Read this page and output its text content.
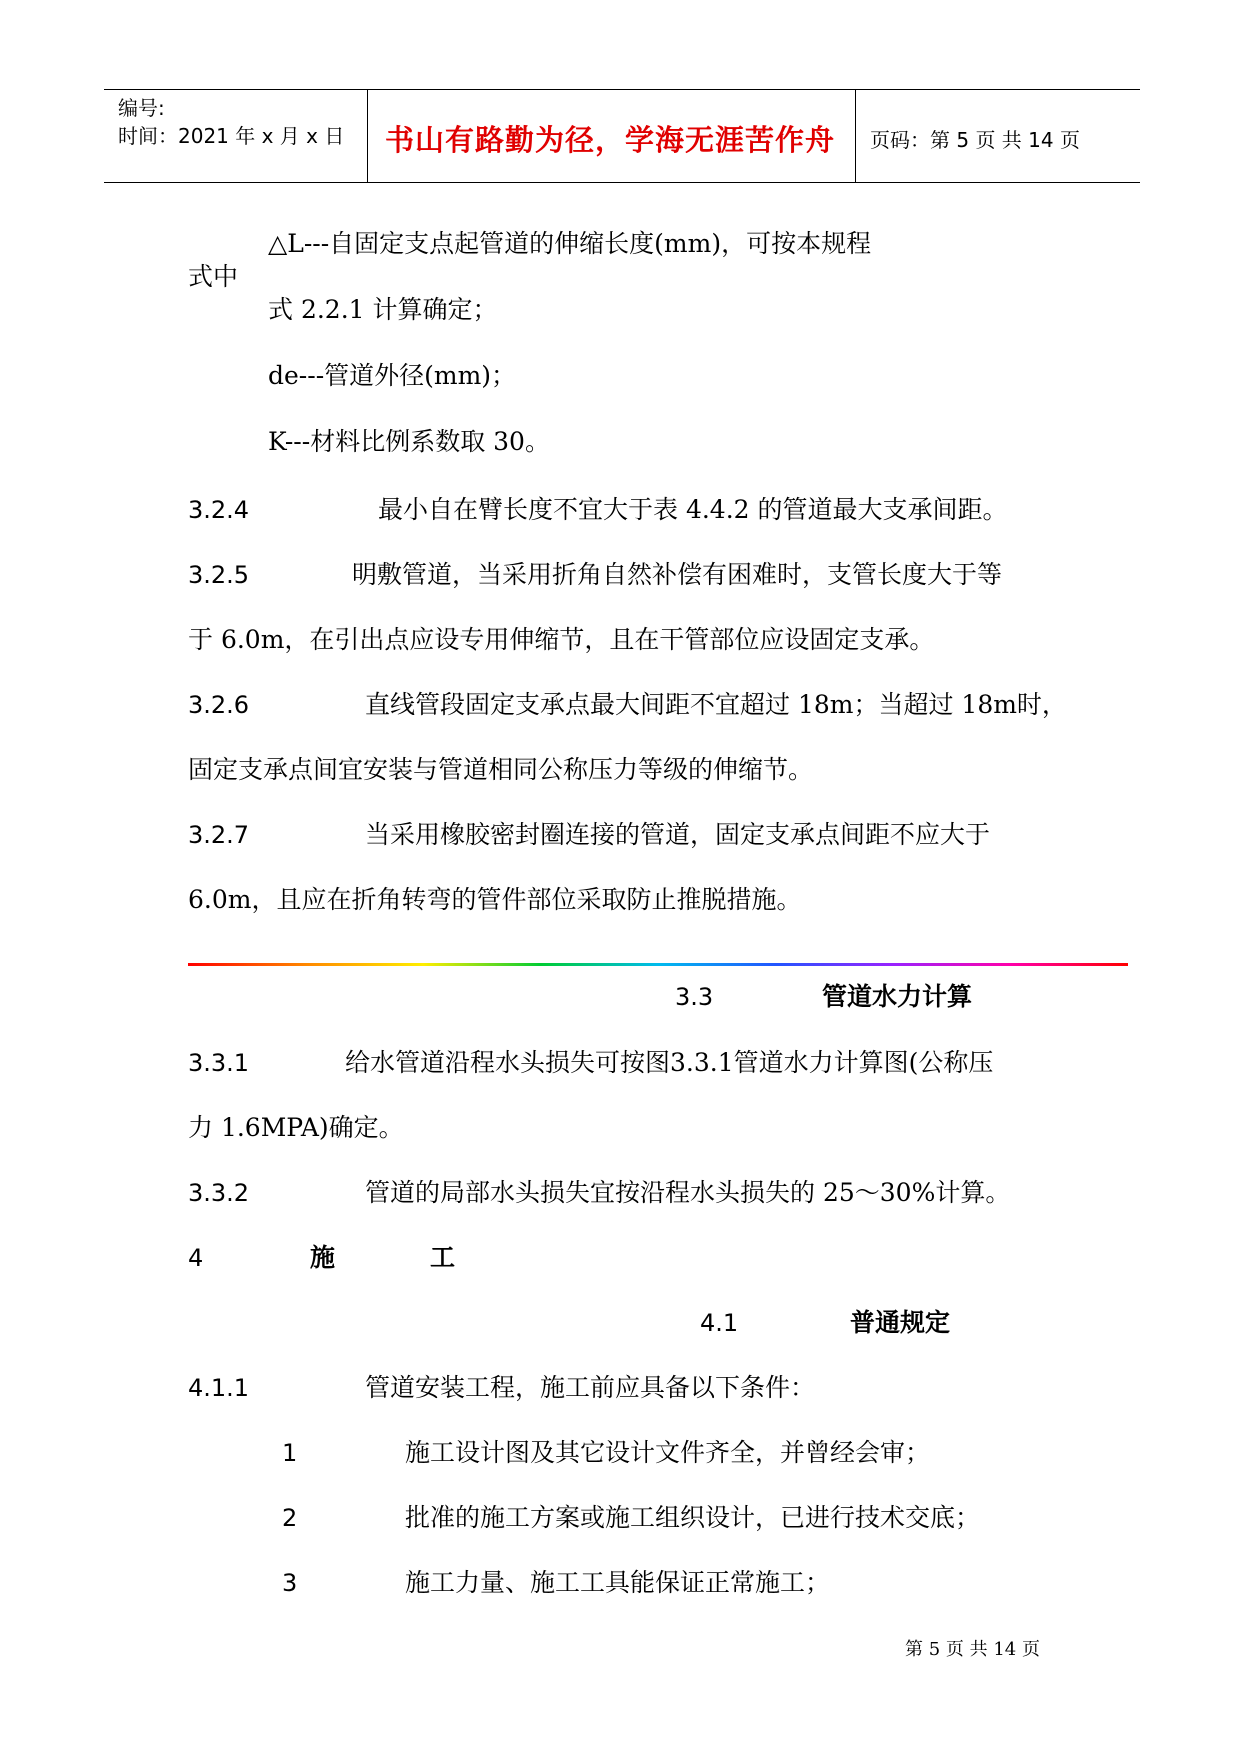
编号:
时间：2021 年 x 月 x 日	书山有路勤为径，学海无涯苦作舟	页码：第 5 页 共 14 页
△L---自固定支点起管道的伸缩长度(mm)，可按本规程
式中
式 2.2.1 计算确定；
de---管道外径(mm)；
K---材料比例系数取 30。
3.2.4	最小自在臂长度不宜大于表 4.4.2 的管道最大支承间距。
3.2.5	明敷管道，当采用折角自然补偿有困难时，支管长度大于等
于 6.0m，在引出点应设专用伸缩节，且在干管部位应设固定支承。
3.2.6	直线管段固定支承点最大间距不宜超过 18m；当超过 18m时，
固定支承点间宜安装与管道相同公称压力等级的伸缩节。
3.2.7	当采用橡胶密封圈连接的管道，固定支承点间距不应大于
6.0m，且应在折角转弯的管件部位采取防止推脱措施。
3.3	管道水力计算
3.3.1	给水管道沿程水头损失可按图3.3.1管道水力计算图(公称压
力 1.6MPA)确定。
3.3.2	管道的局部水头损失宜按沿程水头损失的 25～30%计算。
4	施	工
4.1	普通规定
4.1.1	管道安装工程，施工前应具备以下条件：
1	施工设计图及其它设计文件齐全，并曾经会审；
2	批准的施工方案或施工组织设计，已进行技术交底；
3	施工力量、施工工具能保证正常施工；
第 5 页 共 14 页
